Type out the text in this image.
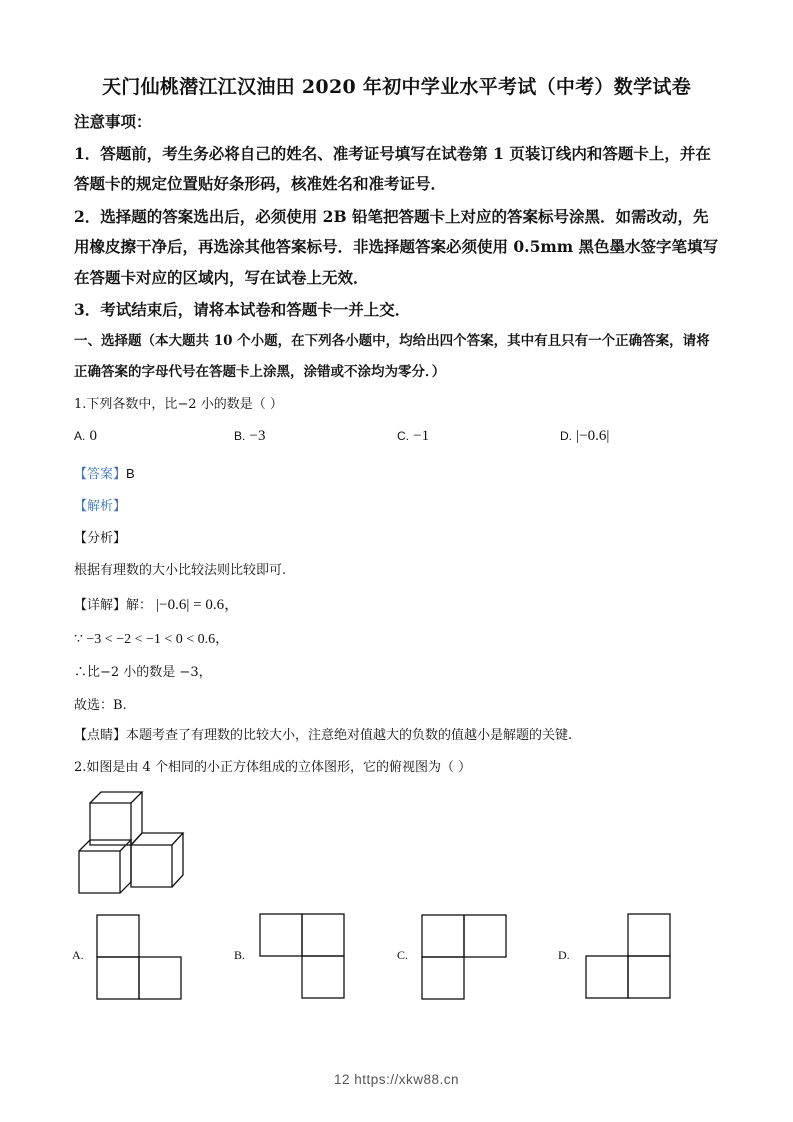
天门仙桃潜江江汉油田 2020 年初中学业水平考试（中考）数学试卷
注意事项：
1．答题前，考生务必将自己的姓名、准考证号填写在试卷第 1 页装订线内和答题卡上，并在
答题卡的规定位置贴好条形码，核准姓名和准考证号．
2．选择题的答案选出后，必须使用 2B 铅笔把答题卡上对应的答案标号涂黑．如需改动，先
用橡皮擦干净后，再选涂其他答案标号．非选择题答案必须使用 0.5mm 黑色墨水签字笔填写
在答题卡对应的区域内，写在试卷上无效．
3．考试结束后，请将本试卷和答题卡一并上交．
一、选择题（本大题共 10 个小题，在下列各小题中，均给出四个答案，其中有且只有一个正确答案，请将
正确答案的字母代号在答题卡上涂黑，涂错或不涂均为零分．）
1.下列各数中，比−2 小的数是（ ）
A. 0	B. −3	C. −1	D. |−0.6|
【答案】B
【解析】
【分析】
根据有理数的大小比较法则比较即可.
【详解】解： |−0.6| = 0.6，
∵ −3 < −2 < −1 < 0 < 0.6，
∴比−2 小的数是 −3，
故选：B.
【点睛】本题考查了有理数的比较大小，注意绝对值越大的负数的值越小是解题的关键.
2.如图是由 4 个相同的小正方体组成的立体图形，它的俯视图为（ ）
A.	B.	C.	D.
12 https://xkw88.cn
